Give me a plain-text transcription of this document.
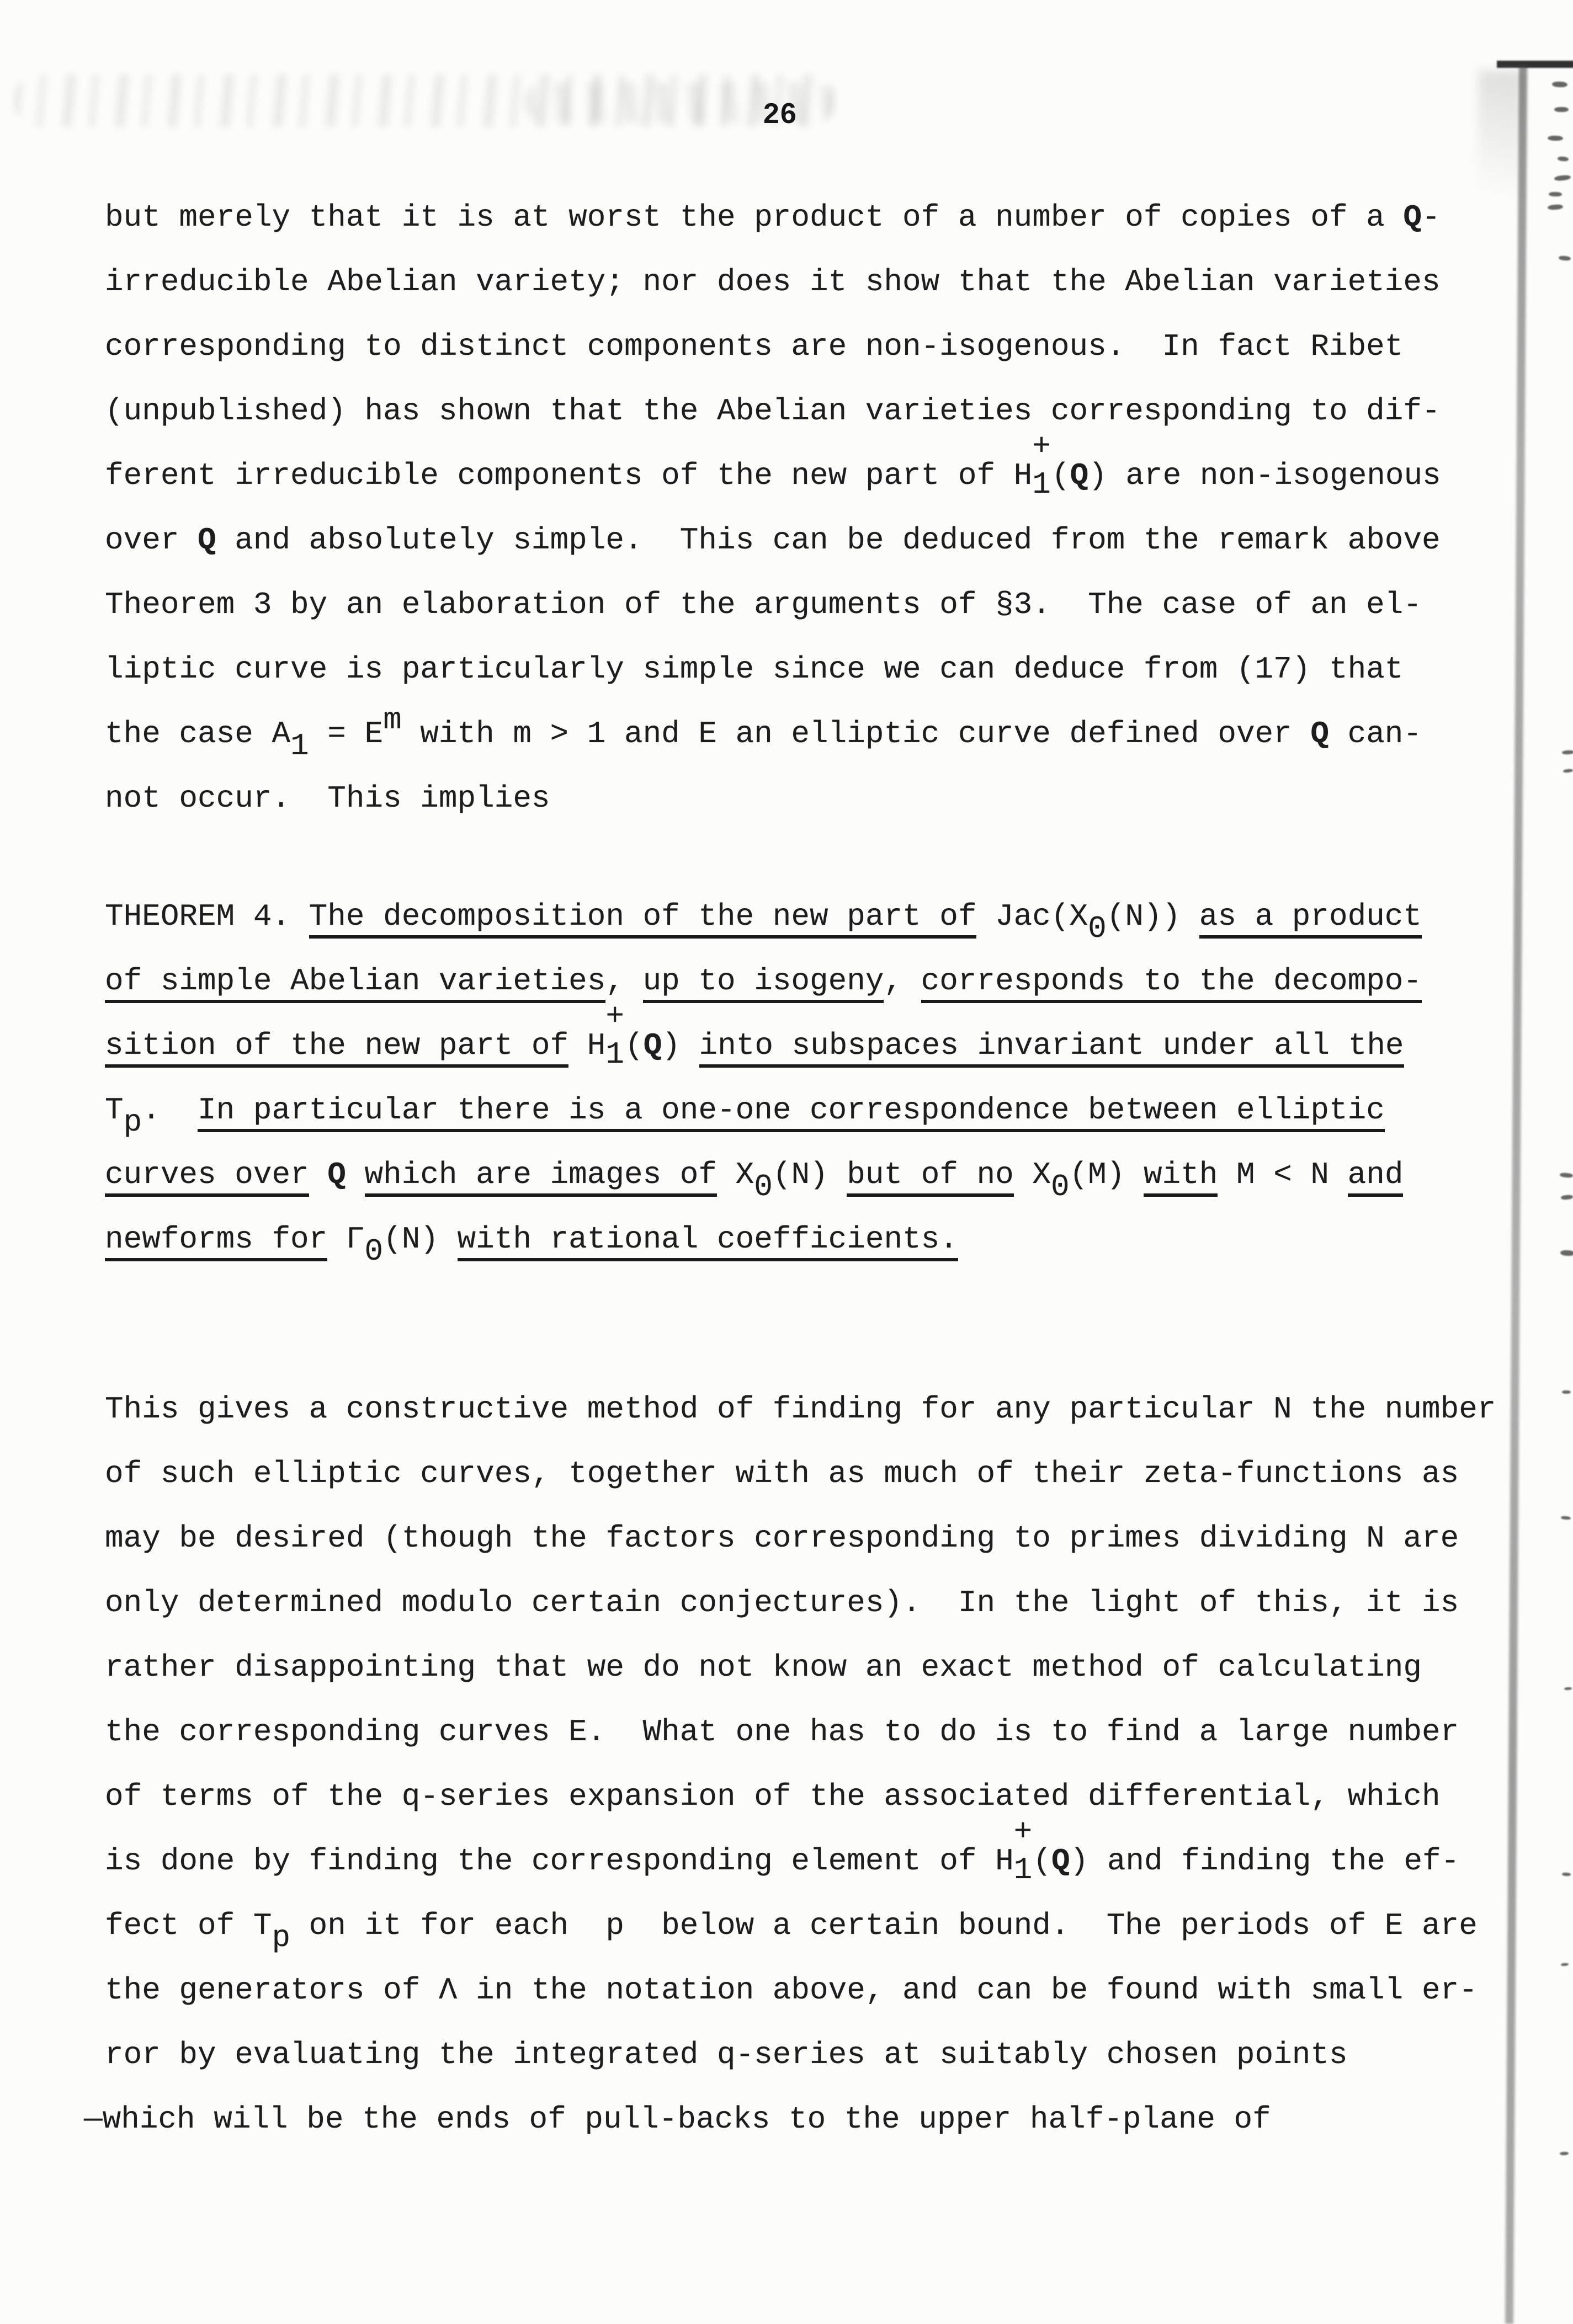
26
but merely that it is at worst the product of a number of copies of a Q-
irreducible Abelian variety; nor does it show that the Abelian varieties
corresponding to distinct components are non-isogenous.  In fact Ribet
(unpublished) has shown that the Abelian varieties corresponding to dif-
ferent irreducible components of the new part of H
+
1 (Q) are non-isogenous
over Q and absolutely simple.  This can be deduced from the remark above
Theorem 3 by an elaboration of the arguments of §3.  The case of an el-
liptic curve is particularly simple since we can deduce from (17) that
the case A1 = Em with m > 1 and E an elliptic curve defined over Q can-
not occur.  This implies
THEOREM 4. The decomposition of the new part of Jac(X0(N)) as a product
of simple Abelian varieties, up to isogeny, corresponds to the decompo-
sition of the new part of H
+
1 (Q) into subspaces invariant under all the
Tp.  In particular there is a one-one correspondence between elliptic
curves over Q which are images of X0(N) but of no X0(M) with M < N and
newforms for Γ0(N) with rational coefficients.
This gives a constructive method of finding for any particular N the number
of such elliptic curves, together with as much of their zeta-functions as
may be desired (though the factors corresponding to primes dividing N are
only determined modulo certain conjectures).  In the light of this, it is
rather disappointing that we do not know an exact method of calculating
the corresponding curves E.  What one has to do is to find a large number
of terms of the q-series expansion of the associated differential, which
is done by finding the corresponding element of H
+
1 (Q) and finding the ef-
fect of Tp on it for each  p  below a certain bound.  The periods of E are
the generators of Λ in the notation above, and can be found with small er-
ror by evaluating the integrated q-series at suitably chosen points
—which will be the ends of pull-backs to the upper half-plane of
